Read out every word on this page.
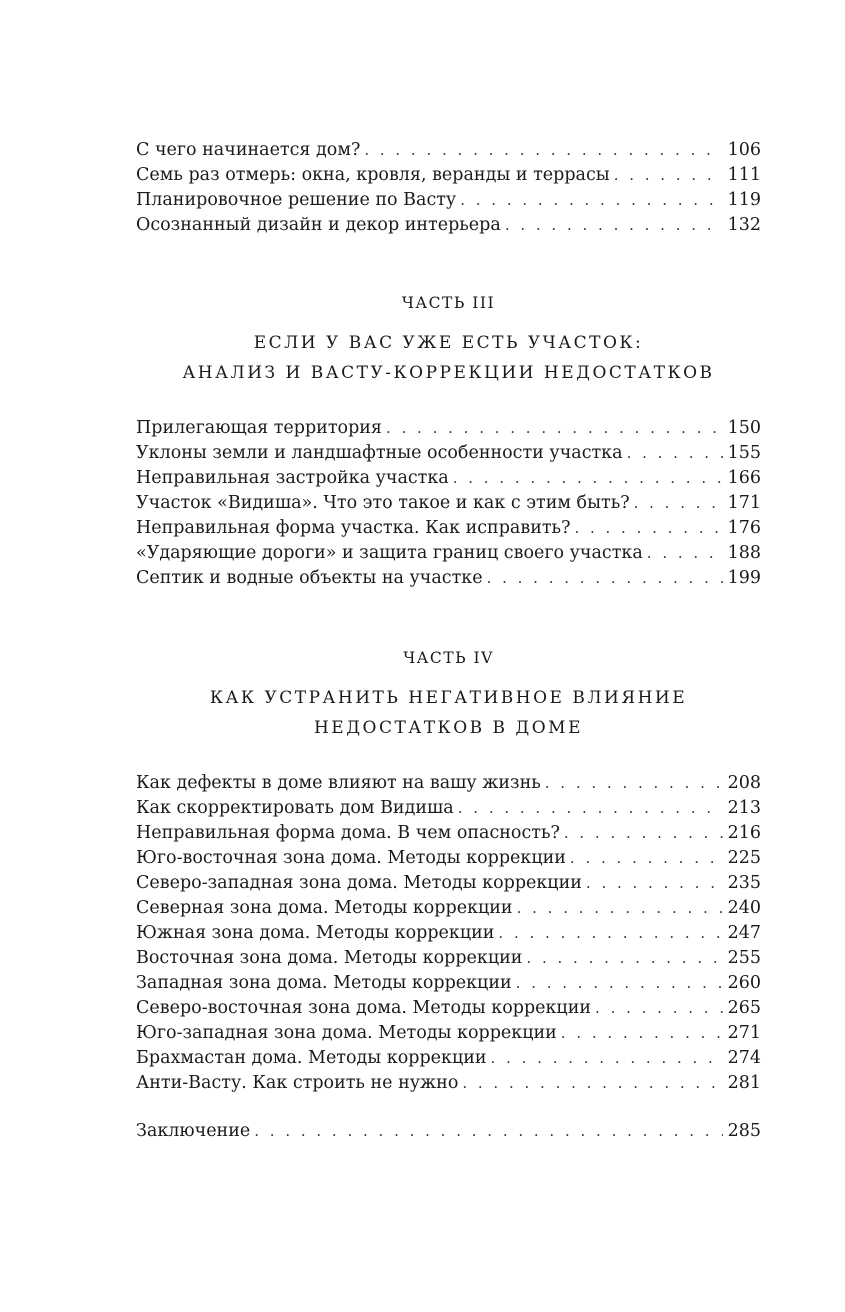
С чего начинается дом? . . .	106
Семь раз отмерь: окна, кровля, веранды и террасы . . .	111
Планировочное решение по Васту . . .	119
Осознанный дизайн и декор интерьера . . .	132

ЧАСТЬ III

ЕСЛИ У ВАС УЖЕ ЕСТЬ УЧАСТОК:

АНАЛИЗ И ВАСТУ-КОРРЕКЦИИ НЕДОСТАТКОВ

Прилегающая территория . . .	150
Уклоны земли и ландшафтные особенности участка . . .	155
Неправильная застройка участка . . .	166
Участок «Видиша». Что это такое и как с этим быть? . . .	171
Неправильная форма участка. Как исправить? . . .	176
«Ударяющие дороги» и защита границ своего участка . . .	188
Септик и водные объекты на участке . . .	199

ЧАСТЬ IV

КАК УСТРАНИТЬ НЕГАТИВНОЕ ВЛИЯНИЕ

НЕДОСТАТКОВ В ДОМЕ

Как дефекты в доме влияют на вашу жизнь . . .	208
Как скорректировать дом Видиша . . .	213
Неправильная форма дома. В чем опасность? . . .	216
Юго-восточная зона дома. Методы коррекции . . .	225
Северо-западная зона дома. Методы коррекции . . .	235
Северная зона дома. Методы коррекции . . .	240
Южная зона дома. Методы коррекции . . .	247
Восточная зона дома. Методы коррекции . . .	255
Западная зона дома. Методы коррекции . . .	260
Северо-восточная зона дома. Методы коррекции . . .	265
Юго-западная зона дома. Методы коррекции . . .	271
Брахмастан дома. Методы коррекции . . .	274
Анти-Васту. Как строить не нужно . . .	281
Заключение . . .	285
